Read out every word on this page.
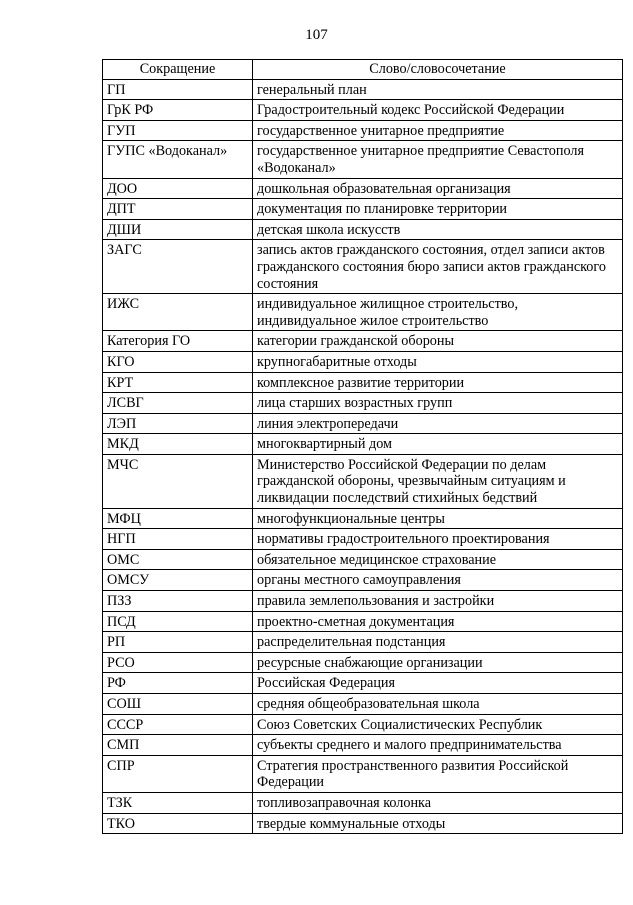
107
Сокращение	Слово/словосочетание
ГП	генеральный план
ГрК РФ	Градостроительный кодекс Российской Федерации
ГУП	государственное унитарное предприятие
ГУПС «Водоканал»	государственное унитарное предприятие Севастополя «Водоканал»
ДОО	дошкольная образовательная организация
ДПТ	документация по планировке территории
ДШИ	детская школа искусств
ЗАГС	запись актов гражданского состояния, отдел записи актов гражданского состояния бюро записи актов гражданского состояния
ИЖС	индивидуальное жилищное строительство, индивидуальное жилое строительство
Категория ГО	категории гражданской обороны
КГО	крупногабаритные отходы
КРТ	комплексное развитие территории
ЛСВГ	лица старших возрастных групп
ЛЭП	линия электропередачи
МКД	многоквартирный дом
МЧС	Министерство Российской Федерации по делам гражданской обороны, чрезвычайным ситуациям и ликвидации последствий стихийных бедствий
МФЦ	многофункциональные центры
НГП	нормативы градостроительного проектирования
ОМС	обязательное медицинское страхование
ОМСУ	органы местного самоуправления
ПЗЗ	правила землепользования и застройки
ПСД	проектно-сметная документация
РП	распределительная подстанция
РСО	ресурсные снабжающие организации
РФ	Российская Федерация
СОШ	средняя общеобразовательная школа
СССР	Союз Советских Социалистических Республик
СМП	субъекты среднего и малого предпринимательства
СПР	Стратегия пространственного развития Российской Федерации
ТЗК	топливозаправочная колонка
ТКО	твердые коммунальные отходы
